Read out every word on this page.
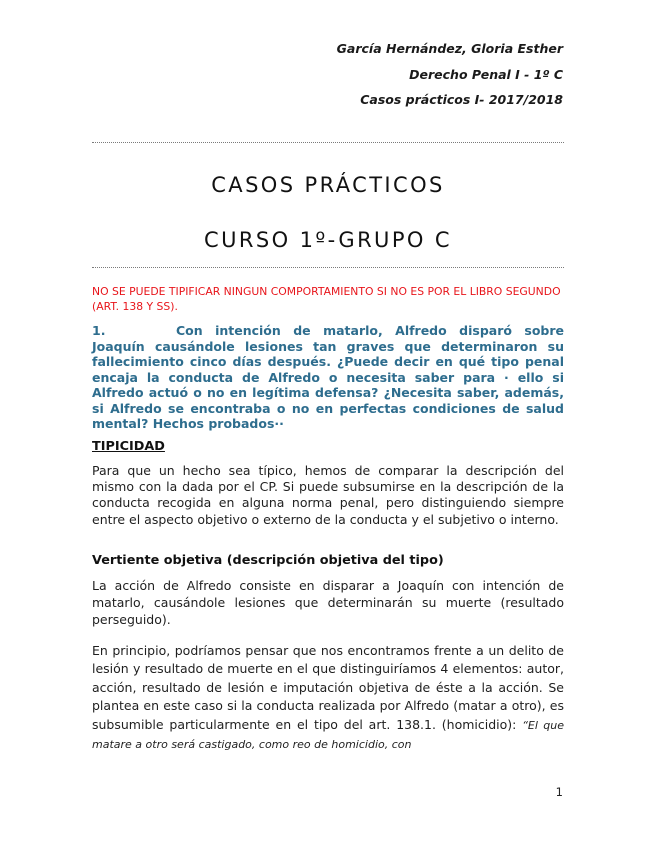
García Hernández, Gloria Esther
Derecho Penal I - 1º C
Casos prácticos I- 2017/2018
CASOS PRÁCTICOS
CURSO 1º-GRUPO C
NO SE PUEDE TIPIFICAR NINGUN COMPORTAMIENTO SI NO ES POR EL LIBRO SEGUNDO (ART. 138 Y SS).
1.	Con intención de matarlo, Alfredo disparó sobre Joaquín causándole lesiones tan graves que determinaron su fallecimiento cinco días después. ¿Puede decir en qué tipo penal encaja la conducta de Alfredo o necesita saber para · ello si Alfredo actuó o no en legítima defensa? ¿Necesita saber, además, si Alfredo se encontraba o no en perfectas condiciones de salud mental? Hechos probados··
TIPICIDAD
Para que un hecho sea típico, hemos de comparar la descripción del mismo con la dada por el CP. Si puede subsumirse en la descripción de la conducta recogida en alguna norma penal, pero distinguiendo siempre entre el aspecto objetivo o externo de la conducta y el subjetivo o interno.
Vertiente objetiva (descripción objetiva del tipo)
La acción de Alfredo consiste en disparar a Joaquín con intención de matarlo, causándole lesiones que determinarán su muerte (resultado perseguido).
En principio, podríamos pensar que nos encontramos frente a un delito de lesión y resultado de muerte en el que distinguiríamos 4 elementos: autor, acción, resultado de lesión e imputación objetiva de éste a la acción. Se plantea en este caso si la conducta realizada por Alfredo (matar a otro), es subsumible particularmente en el tipo del art. 138.1. (homicidio): “El que matare a otro será castigado, como reo de homicidio, con
1
